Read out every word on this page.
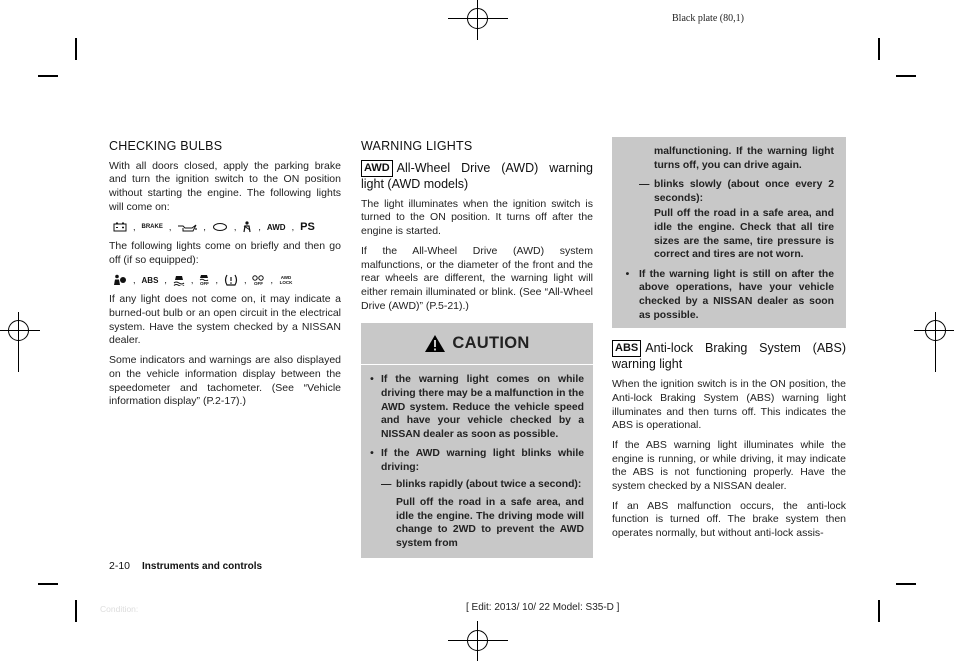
Black plate (80,1)
CHECKING BULBS

With all doors closed, apply the parking brake and turn the ignition switch to the ON position without starting the engine. The following lights will come on:

, BRAKE ,	,	, , AWD , PS

The following lights come on briefly and then go off (if so equipped):

, ABS ,	, OFF ,	, OFF ,	AWD LOCK

If any light does not come on, it may indicate a burned-out bulb or an open circuit in the electrical system. Have the system checked by a NISSAN dealer.

Some indicators and warnings are also displayed on the vehicle information display between the speedometer and tachometer. (See “Vehicle information display” (P.2-17).)

WARNING LIGHTS
AWD All-Wheel Drive (AWD) warning light (AWD models)

The light illuminates when the ignition switch is turned to the ON position. It turns off after the engine is started.

If the All-Wheel Drive (AWD) system malfunctions, or the diameter of the front and the rear wheels are different, the warning light will either remain illuminated or blink. (See “All-Wheel Drive (AWD)” (P.5-21).)

CAUTION
• If the warning light comes on while driving there may be a malfunction in the AWD system. Reduce the vehicle speed and have your vehicle checked by a NISSAN dealer as soon as possible.
• If the AWD warning light blinks while driving:
— blinks rapidly (about twice a second):
Pull off the road in a safe area, and idle the engine. The driving mode will change to 2WD to prevent the AWD system from
malfunctioning. If the warning light turns off, you can drive again.
— blinks slowly (about once every 2 seconds):
Pull off the road in a safe area, and idle the engine. Check that all tire sizes are the same, tire pressure is correct and tires are not worn.
• If the warning light is still on after the above operations, have your vehicle checked by a NISSAN dealer as soon as possible.
ABS Anti-lock Braking System (ABS) warning light

When the ignition switch is in the ON position, the Anti-lock Braking System (ABS) warning light illuminates and then turns off. This indicates the ABS is operational.

If the ABS warning light illuminates while the engine is running, or while driving, it may indicate the ABS is not functioning properly. Have the system checked by a NISSAN dealer.

If an ABS malfunction occurs, the anti-lock function is turned off. The brake system then operates normally, but without anti-lock assis-

2-10 Instruments and controls
Condition:	[ Edit: 2013/ 10/ 22 Model: S35-D ]
